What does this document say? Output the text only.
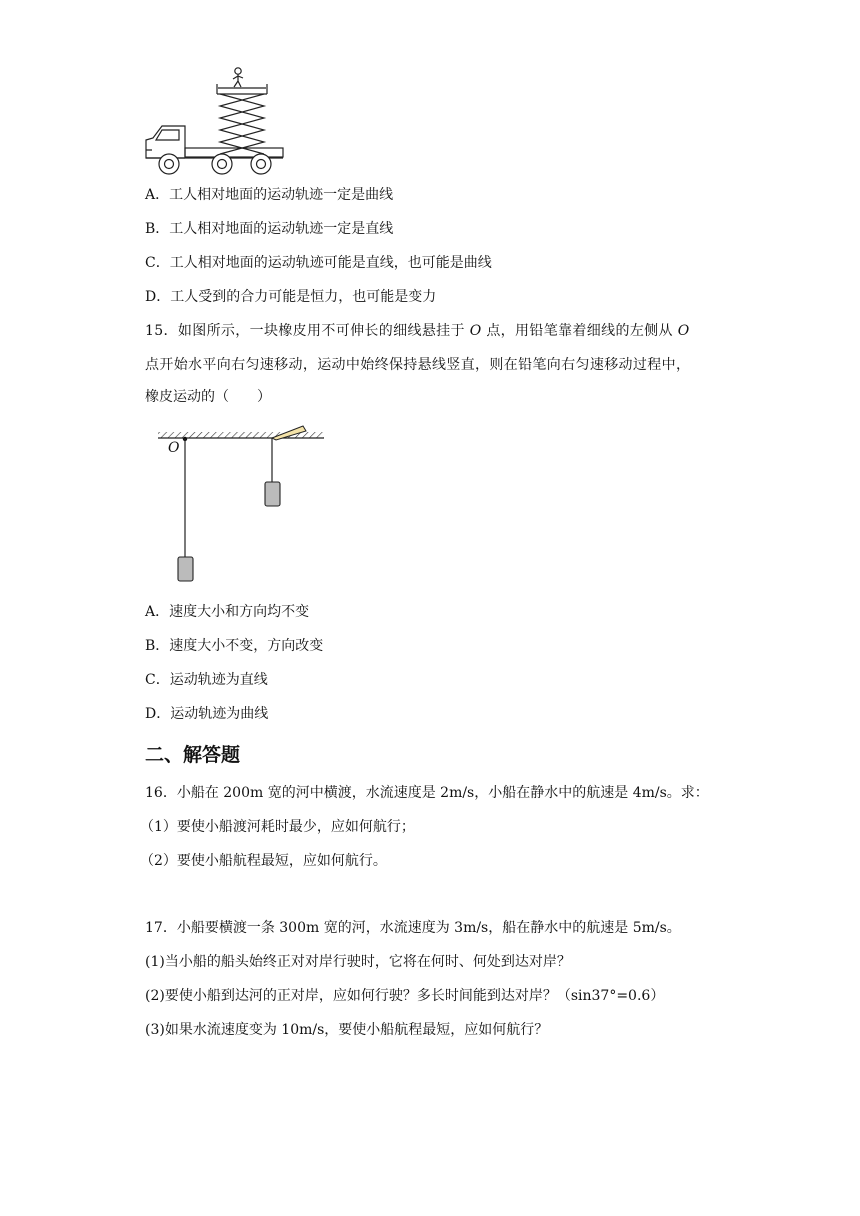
A．工人相对地面的运动轨迹一定是曲线
B．工人相对地面的运动轨迹一定是直线
C．工人相对地面的运动轨迹可能是直线，也可能是曲线
D．工人受到的合力可能是恒力，也可能是变力
15．如图所示，一块橡皮用不可伸长的细线悬挂于 O 点，用铅笔靠着细线的左侧从 O
点开始水平向右匀速移动，运动中始终保持悬线竖直，则在铅笔向右匀速移动过程中，
橡皮运动的（　　）
O
A．速度大小和方向均不变
B．速度大小不变，方向改变
C．运动轨迹为直线
D．运动轨迹为曲线
二、解答题
16．小船在 200m 宽的河中横渡，水流速度是 2m/s，小船在静水中的航速是 4m/s。求：
（1）要使小船渡河耗时最少，应如何航行；
（2）要使小船航程最短，应如何航行。
17．小船要横渡一条 300m 宽的河，水流速度为 3m/s，船在静水中的航速是 5m/s。
(1)当小船的船头始终正对对岸行驶时，它将在何时、何处到达对岸？
(2)要使小船到达河的正对岸，应如何行驶？多长时间能到达对岸？（sin37°=0.6）
(3)如果水流速度变为 10m/s，要使小船航程最短，应如何航行？
